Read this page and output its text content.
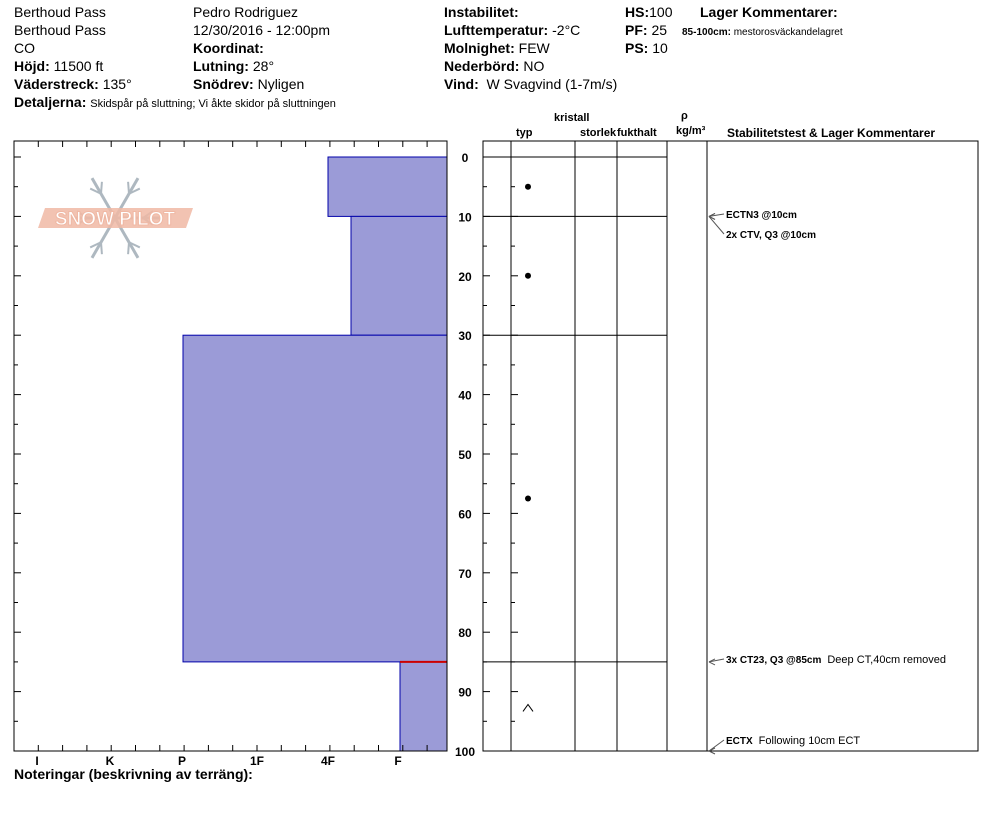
Berthoud Pass
Berthoud Pass
CO
Höjd: 11500 ft
Väderstreck: 135°
Detaljerna: Skidspår på sluttning; Vi åkte skidor på sluttningen
Pedro Rodriguez
12/30/2016 - 12:00pm
Koordinat:
Lutning: 28°
Snödrev: Nyligen
Instabilitet:
Lufttemperatur: -2°C
Molnighet: FEW
Nederbörd: NO
Vind: W Svagvind (1-7m/s)
HS:100
PF: 25
PS: 10
Lager Kommentarer:
85-100cm: mestorosväckandelagret
kristall
typ	storlek fukthalt
ρ
kg/m³ Stabilitetstest & Lager Kommentarer
SNOW PILOT
0
10
20
30
40
50
60
70
80
90
100
I	K	P	1F	4F	F
ECTN3 @10cm
2x CTV, Q3 @10cm
3x CT23, Q3 @85cm Deep CT,40cm removed
ECTX Following 10cm ECT
Noteringar (beskrivning av terräng):
